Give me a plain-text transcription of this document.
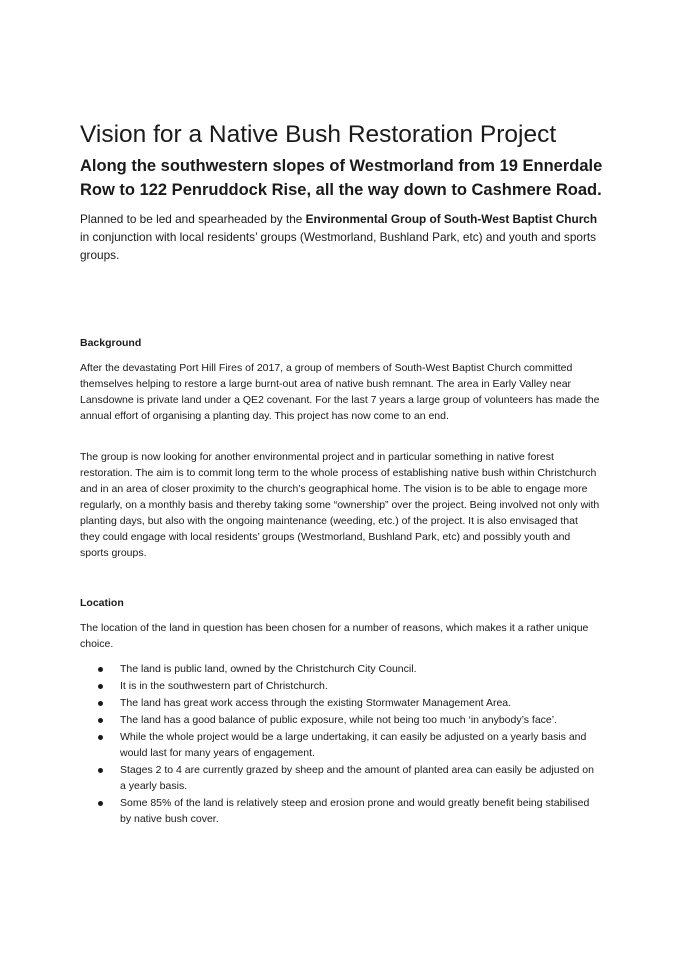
Vision for a Native Bush Restoration Project
Along the southwestern slopes of Westmorland from 19 Ennerdale Row to 122 Penruddock Rise, all the way down to Cashmere Road.

Planned to be led and spearheaded by the Environmental Group of South-West Baptist Church in conjunction with local residents’ groups (Westmorland, Bushland Park, etc) and youth and sports groups.

Background

After the devastating Port Hill Fires of 2017, a group of members of South-West Baptist Church committed themselves helping to restore a large burnt-out area of native bush remnant. The area in Early Valley near Lansdowne is private land under a QE2 covenant. For the last 7 years a large group of volunteers has made the annual effort of organising a planting day. This project has now come to an end.

The group is now looking for another environmental project and in particular something in native forest restoration. The aim is to commit long term to the whole process of establishing native bush within Christchurch and in an area of closer proximity to the church’s geographical home. The vision is to be able to engage more regularly, on a monthly basis and thereby taking some “ownership” over the project. Being involved not only with planting days, but also with the ongoing maintenance (weeding, etc.) of the project. It is also envisaged that they could engage with local residents’ groups (Westmorland, Bushland Park, etc) and possibly youth and sports groups.

Location

The location of the land in question has been chosen for a number of reasons, which makes it a rather unique choice.

The land is public land, owned by the Christchurch City Council.
It is in the southwestern part of Christchurch.
The land has great work access through the existing Stormwater Management Area.
The land has a good balance of public exposure, while not being too much ‘in anybody’s face’.
While the whole project would be a large undertaking, it can easily be adjusted on a yearly basis and would last for many years of engagement.
Stages 2 to 4 are currently grazed by sheep and the amount of planted area can easily be adjusted on a yearly basis.
Some 85% of the land is relatively steep and erosion prone and would greatly benefit being stabilised by native bush cover.
